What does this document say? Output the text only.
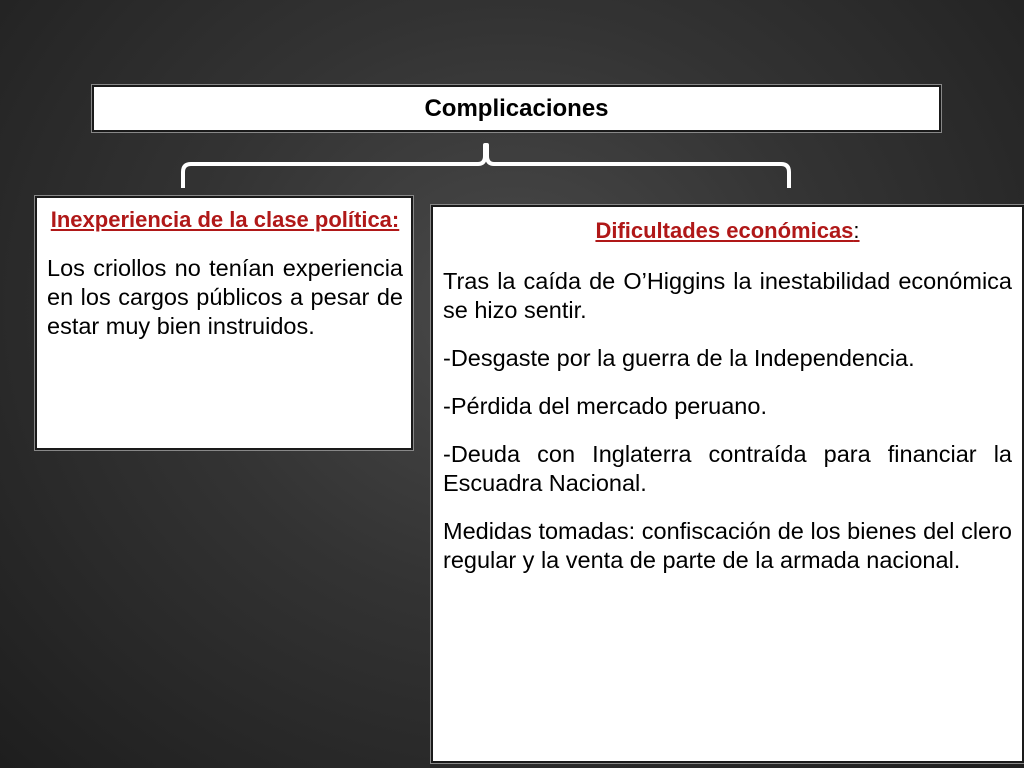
Complicaciones
Inexperiencia de la clase política:

Los criollos no tenían experiencia en los cargos públicos a pesar de estar muy bien instruidos.

Dificultades económicas:

Tras la caída de O’Higgins la inestabilidad económica se hizo sentir.

-Desgaste por la guerra de la Independencia.

-Pérdida del mercado peruano.

-Deuda con Inglaterra contraída para financiar la Escuadra Nacional.

Medidas tomadas: confiscación de los bienes del clero regular y la venta de parte de la armada nacional.
